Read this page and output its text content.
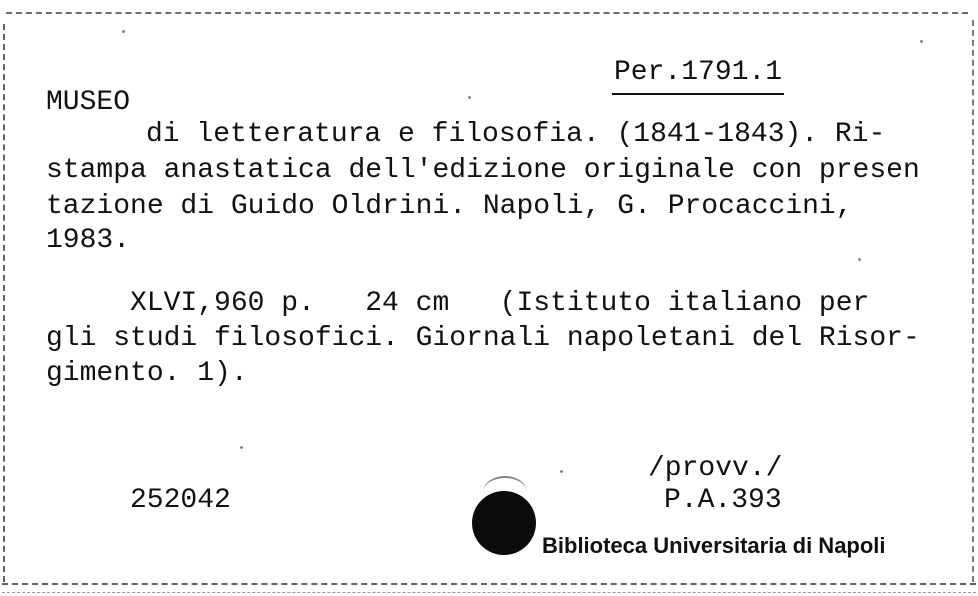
Per.1791.1
MUSEO
di letteratura e filosofia. (1841-1843). Ri-
stampa anastatica dell'edizione originale con presen
tazione di Guido Oldrini. Napoli, G. Procaccini,
1983.
XLVI,960 p.   24 cm   (Istituto italiano per
gli studi filosofici. Giornali napoletani del Risor-
gimento. 1).
/provv./
252042	P.A.393
Biblioteca Universitaria di Napoli
